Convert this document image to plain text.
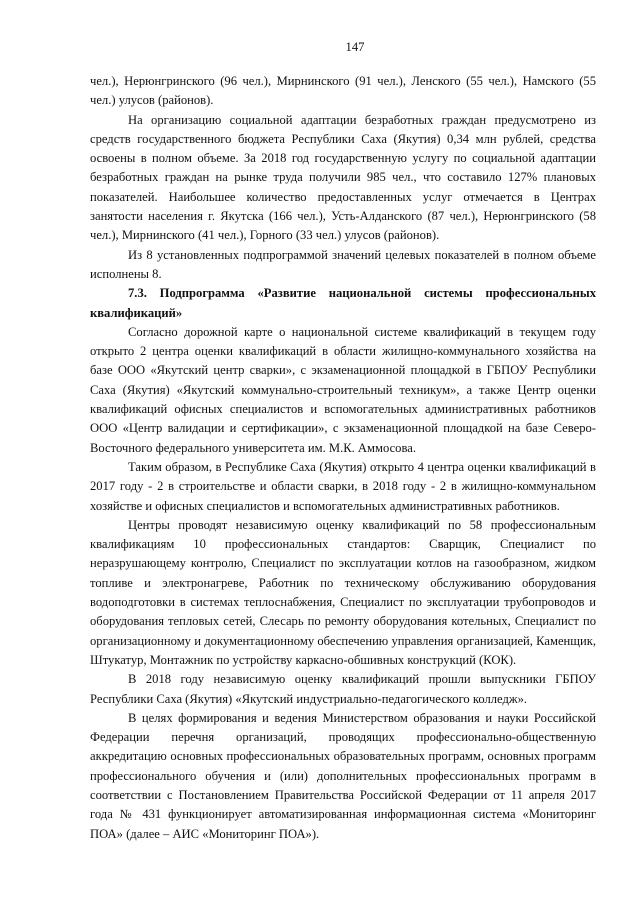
147

чел.), Нерюнгринского (96 чел.), Мирнинского (91 чел.), Ленского (55 чел.), Намского (55 чел.) улусов (районов).

На организацию социальной адаптации безработных граждан предусмотрено из средств государственного бюджета Республики Саха (Якутия) 0,34 млн рублей, средства освоены в полном объеме. За 2018 год государственную услугу по социальной адаптации безработных граждан на рынке труда получили 985 чел., что составило 127% плановых показателей. Наибольшее количество предоставленных услуг отмечается в Центрах занятости населения г. Якутска (166 чел.), Усть-Алданского (87 чел.), Нерюнгринского (58 чел.), Мирнинского (41 чел.), Горного (33 чел.) улусов (районов).

Из 8 установленных подпрограммой значений целевых показателей в полном объеме исполнены 8.

7.3. Подпрограмма «Развитие национальной системы профессиональных квалификаций»

Согласно дорожной карте о национальной системе квалификаций в текущем году открыто 2 центра оценки квалификаций в области жилищно-коммунального хозяйства на базе ООО «Якутский центр сварки», с экзаменационной площадкой в ГБПОУ Республики Саха (Якутия) «Якутский коммунально-строительный техникум», а также Центр оценки квалификаций офисных специалистов и вспомогательных административных работников ООО «Центр валидации и сертификации», с экзаменационной площадкой на базе Северо-Восточного федерального университета им. М.К. Аммосова.

Таким образом, в Республике Саха (Якутия) открыто 4 центра оценки квалификаций в 2017 году - 2 в строительстве и области сварки, в 2018 году - 2 в жилищно-коммунальном хозяйстве и офисных специалистов и вспомогательных административных работников.

Центры проводят независимую оценку квалификаций по 58 профессиональным квалификациям 10 профессиональных стандартов: Сварщик, Специалист по неразрушающему контролю, Специалист по эксплуатации котлов на газообразном, жидком топливе и электронагреве, Работник по техническому обслуживанию оборудования водоподготовки в системах теплоснабжения, Специалист по эксплуатации трубопроводов и оборудования тепловых сетей, Слесарь по ремонту оборудования котельных, Специалист по организационному и документационному обеспечению управления организацией, Каменщик, Штукатур, Монтажник по устройству каркасно-обшивных конструкций (КОК).

В 2018 году независимую оценку квалификаций прошли выпускники ГБПОУ Республики Саха (Якутия) «Якутский индустриально-педагогического колледж».

В целях формирования и ведения Министерством образования и науки Российской Федерации перечня организаций, проводящих профессионально-общественную аккредитацию основных профессиональных образовательных программ, основных программ профессионального обучения и (или) дополнительных профессиональных программ в соответствии с Постановлением Правительства Российской Федерации от 11 апреля 2017 года № 431 функционирует автоматизированная информационная система «Мониторинг ПОА» (далее – АИС «Мониторинг ПОА»).
